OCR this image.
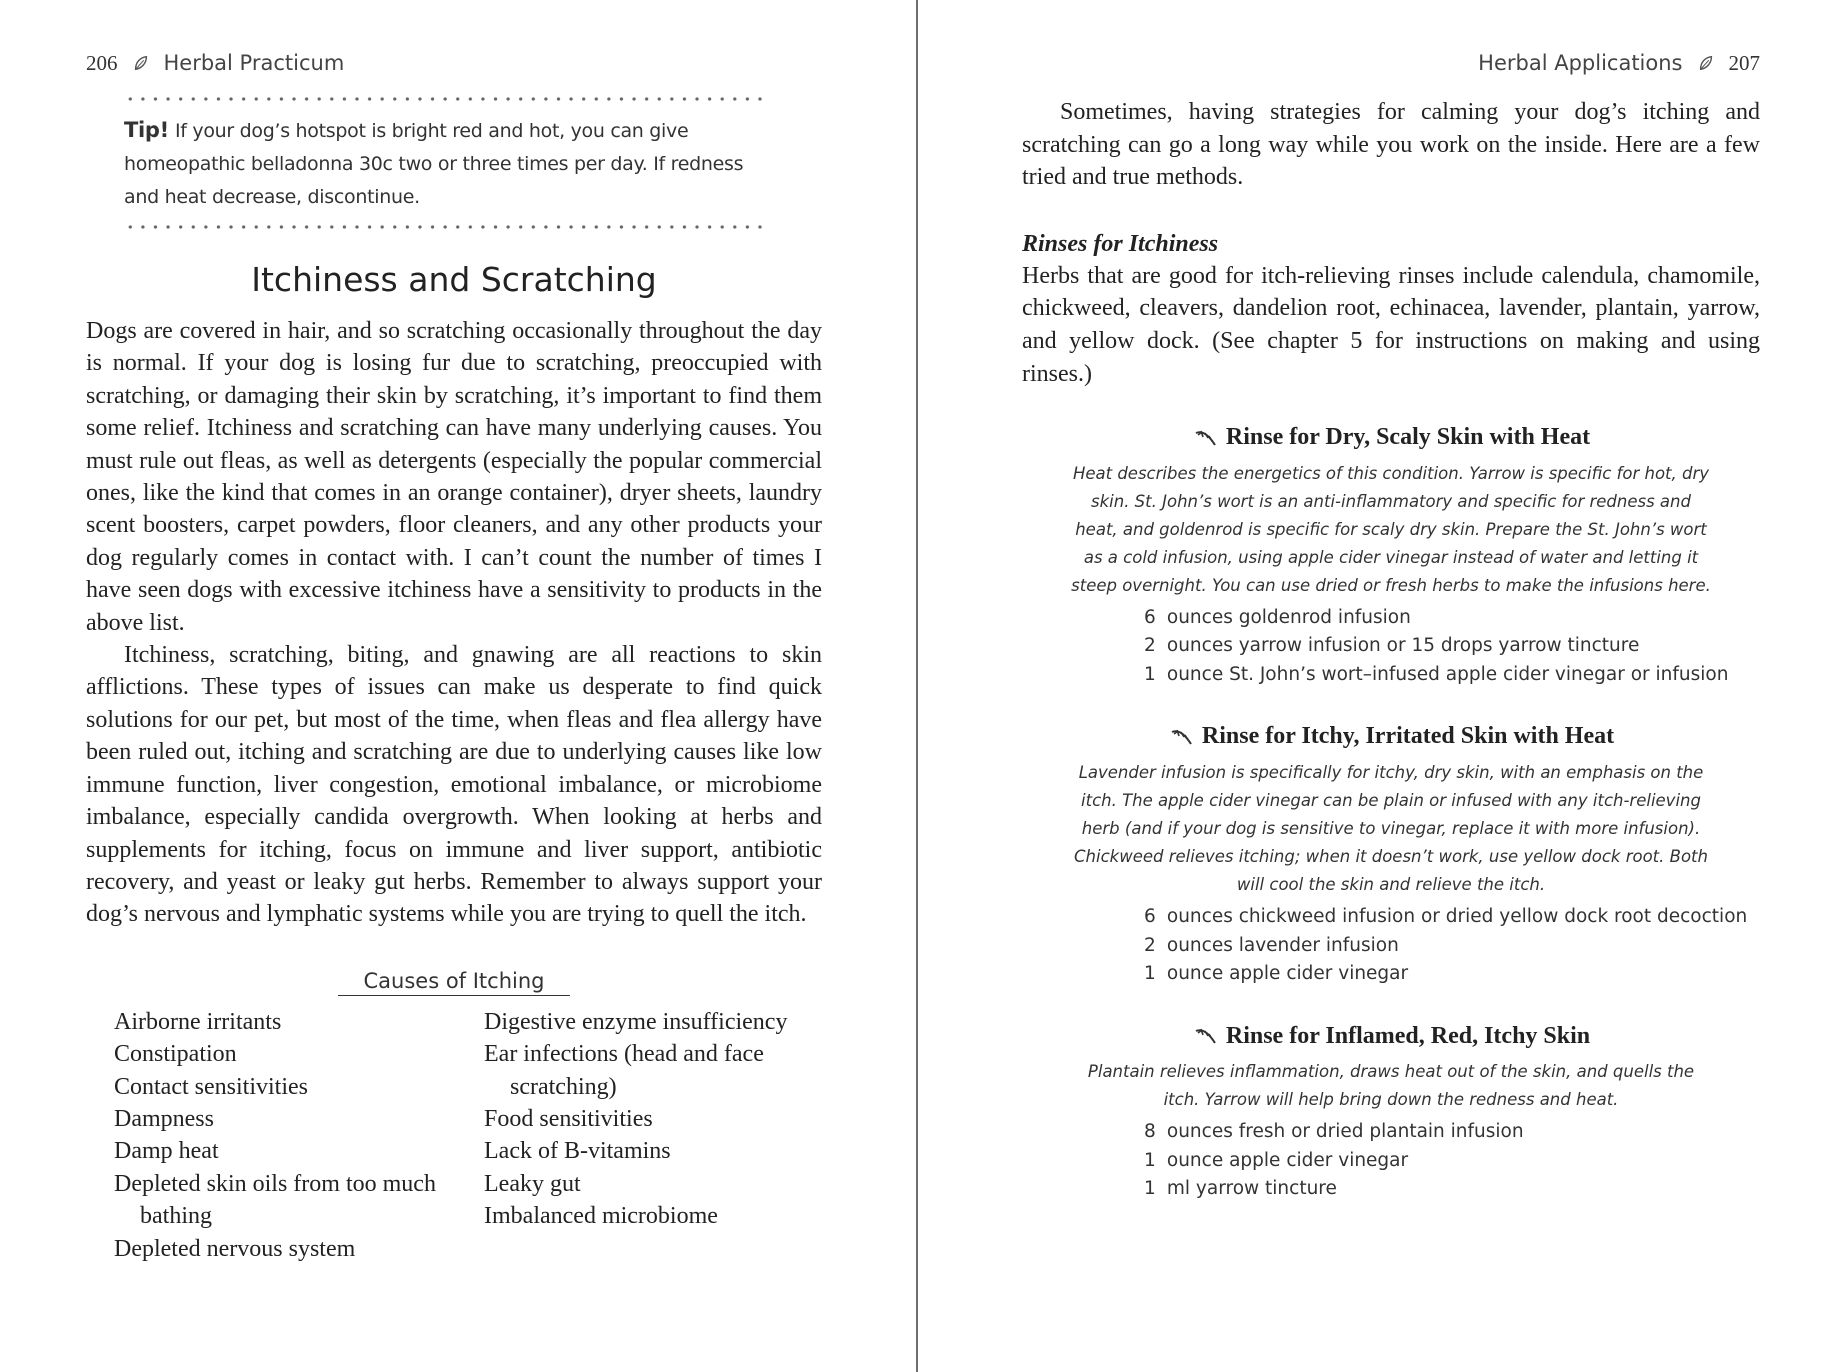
206 Herbal Practicum
Tip! If your dog’s hotspot is bright red and hot, you can give homeopathic belladonna 30c two or three times per day. If redness and heat decrease, discontinue.
Itchiness and Scratching

Dogs are covered in hair, and so scratching occasionally throughout the day is normal. If your dog is losing fur due to scratching, preoccupied with scratching, or damaging their skin by scratching, it’s important to find them some relief. Itchiness and scratching can have many underlying causes. You must rule out fleas, as well as detergents (especially the popular commercial ones, like the kind that comes in an orange container), dryer sheets, laundry scent boosters, carpet powders, floor cleaners, and any other products your dog regularly comes in contact with. I can’t count the number of times I have seen dogs with excessive itchiness have a sensitivity to products in the above list.

Itchiness, scratching, biting, and gnawing are all reactions to skin afflictions. These types of issues can make us desperate to find quick solutions for our pet, but most of the time, when fleas and flea allergy have been ruled out, itching and scratching are due to underlying causes like low immune function, liver congestion, emotional imbalance, or microbiome imbalance, especially candida overgrowth. When looking at herbs and supplements for itching, focus on immune and liver support, antibiotic recovery, and yeast or leaky gut herbs. Remember to always support your dog’s nervous and lymphatic systems while you are trying to quell the itch.

Causes of Itching
Airborne irritants
Constipation
Contact sensitivities
Dampness
Damp heat
Depleted skin oils from too much bathing
Depleted nervous system
Digestive enzyme insufficiency
Ear infections (head and face scratching)
Food sensitivities
Lack of B-vitamins
Leaky gut
Imbalanced microbiome
Herbal Applications 207

Sometimes, having strategies for calming your dog’s itching and scratching can go a long way while you work on the inside. Here are a few tried and true methods.

Rinses for Itchiness

Herbs that are good for itch-relieving rinses include calendula, chamomile, chickweed, cleavers, dandelion root, echinacea, lavender, plantain, yarrow, and yellow dock. (See chapter 5 for instructions on making and using rinses.)

Rinse for Dry, Scaly Skin with Heat
Heat describes the energetics of this condition. Yarrow is specific for hot, dry skin. St. John’s wort is an anti-inflammatory and specific for redness and heat, and goldenrod is specific for scaly dry skin. Prepare the St. John’s wort as a cold infusion, using apple cider vinegar instead of water and letting it steep overnight. You can use dried or fresh herbs to make the infusions here.
6 ounces goldenrod infusion
2 ounces yarrow infusion or 15 drops yarrow tincture
1 ounce St. John’s wort–infused apple cider vinegar or infusion
Rinse for Itchy, Irritated Skin with Heat
Lavender infusion is specifically for itchy, dry skin, with an emphasis on the itch. The apple cider vinegar can be plain or infused with any itch-relieving herb (and if your dog is sensitive to vinegar, replace it with more infusion). Chickweed relieves itching; when it doesn’t work, use yellow dock root. Both will cool the skin and relieve the itch.
6 ounces chickweed infusion or dried yellow dock root decoction
2 ounces lavender infusion
1 ounce apple cider vinegar
Rinse for Inflamed, Red, Itchy Skin
Plantain relieves inflammation, draws heat out of the skin, and quells the itch. Yarrow will help bring down the redness and heat.
8 ounces fresh or dried plantain infusion
1 ounce apple cider vinegar
1 ml yarrow tincture
